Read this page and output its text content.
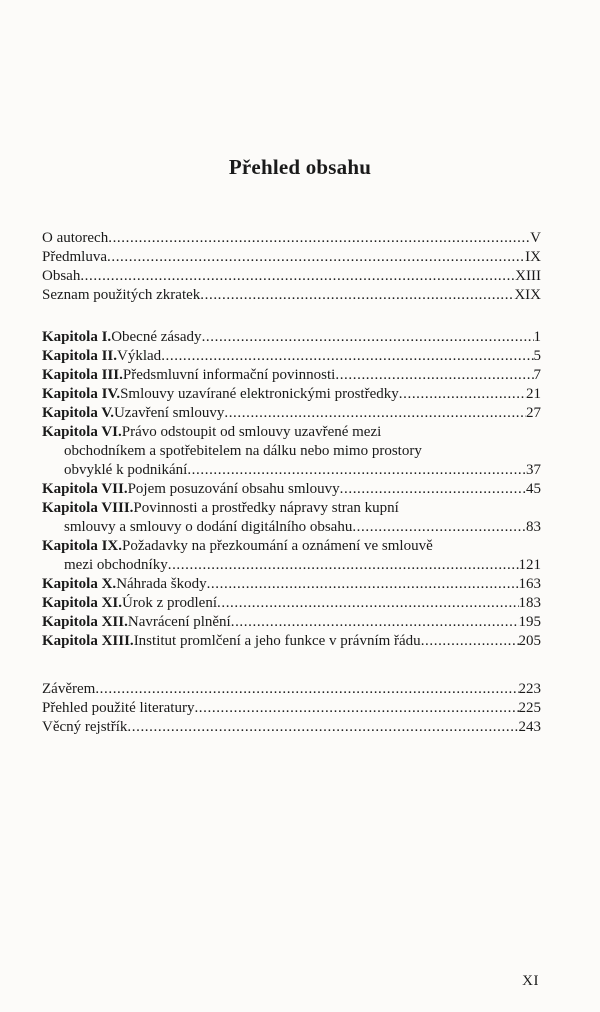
Přehled obsahu
O autorech .....	V
Předmluva .....	IX
Obsah .....	XIII
Seznam použitých zkratek .....	XIX
Kapitola I. Obecné zásady .....	1
Kapitola II. Výklad .....	5
Kapitola III. Předsmluvní informační povinnosti .....	7
Kapitola IV. Smlouvy uzavírané elektronickými prostředky .....	21
Kapitola V. Uzavření smlouvy .....	27
Kapitola VI. Právo odstoupit od smlouvy uzavřené mezi
obchodníkem a spotřebitelem na dálku nebo mimo prostory
obvyklé k podnikání .....	37
Kapitola VII. Pojem posuzování obsahu smlouvy .....	45
Kapitola VIII. Povinnosti a prostředky nápravy stran kupní
smlouvy a smlouvy o dodání digitálního obsahu .....	83
Kapitola IX. Požadavky na přezkoumání a oznámení ve smlouvě
mezi obchodníky .....	121
Kapitola X. Náhrada škody .....	163
Kapitola XI. Úrok z prodlení .....	183
Kapitola XII. Navrácení plnění .....	195
Kapitola XIII. Institut promlčení a jeho funkce v právním řádu .....	205
Závěrem .....	223
Přehled použité literatury .....	225
Věcný rejstřík .....	243
XI
